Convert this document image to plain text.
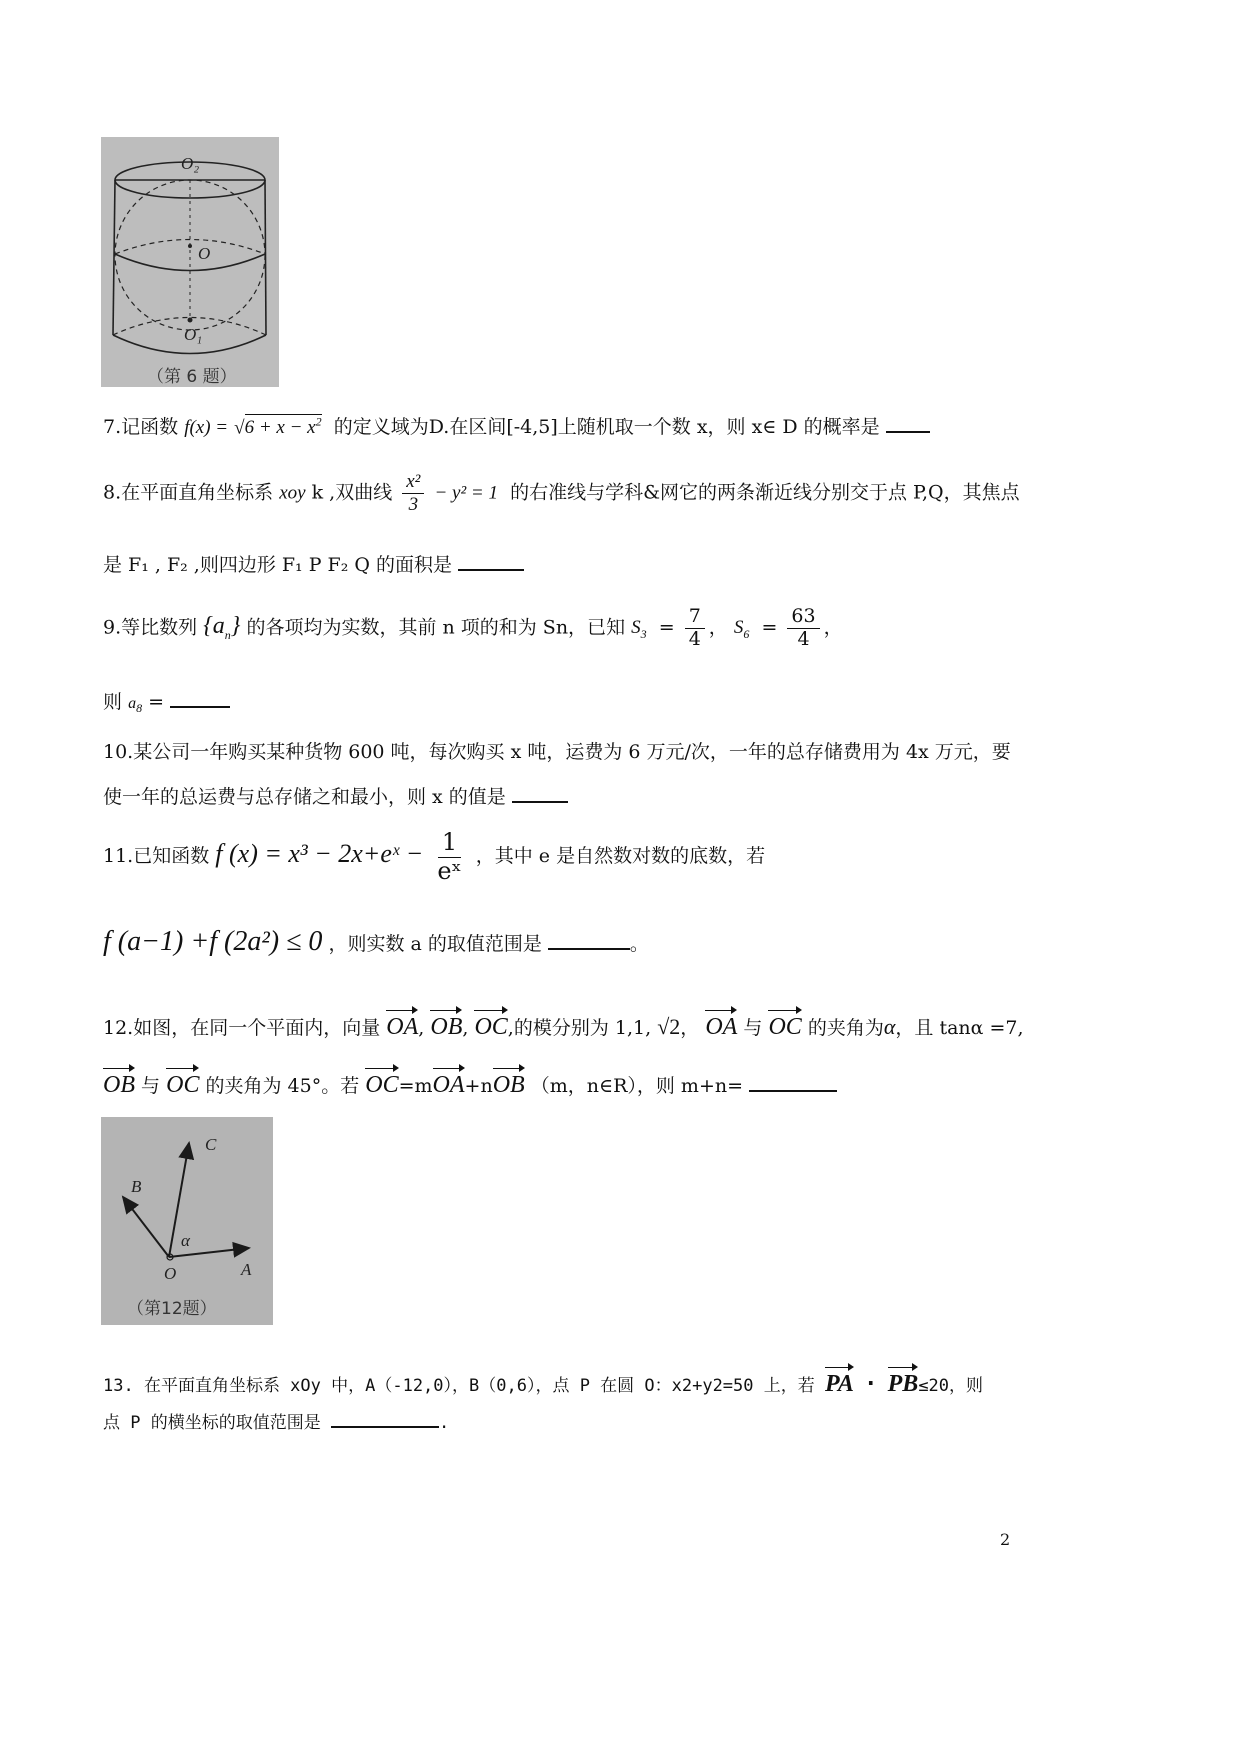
O₂
O
O₁
（第 6 题）
7.记函数 $f(x) = √6 + x - x^2$ 的定义域为D.在区间[-4,5]上随机取一个数 x，则 x∈ D 的概率是
8.在平面直角坐标系 xoy k ,双曲线 $\frac{\text{x²}}{3} - y^2 = 1$ 的右准线与学科&网它的两条渐近线分别交于点 P,Q，其焦点
是 F₁ , F₂ ,则四边形 F₁ P F₂ Q 的面积是
9.等比数列 $\{a_n\}$ 的各项均为实数，其前 n 项的和为 Sn，已知 $S_3 = \frac{7}{4}$ ， $S_6 = \frac{63}{4}$ ，
则 $a_8$ =
10.某公司一年购买某种货物 600 吨，每次购买 x 吨，运费为 6 万元/次，一年的总存储费用为 4x 万元，要
使一年的总运费与总存储之和最小，则 x 的值是
11.已知函数 f (x) = x³ − 2x+eˣ − $\frac{1}{\text{eˣ}}$ ，其中 e 是自然数对数的底数，若
f (a−1) +f (2a²) ≤ 0 ，则实数 a 的取值范围是	。
12.如图，在同一个平面内，向量 OA, OB, OC,的模分别为 1,1, √2， OA 与 OC 的夹角为α，且 tanα =7,
OB 与 OC 的夹角为 45°。若 OC=mOA+nOB （m，n∈R），则 m+n=
C
B
α
O	A
（第12题）
13. 在平面直角坐标系 xOy 中，A（-12,0），B（0,6），点 P 在圆 O：x2+y2=50 上，若 PA · PB≤20，则
点 P 的横坐标的取值范围是	.
2
